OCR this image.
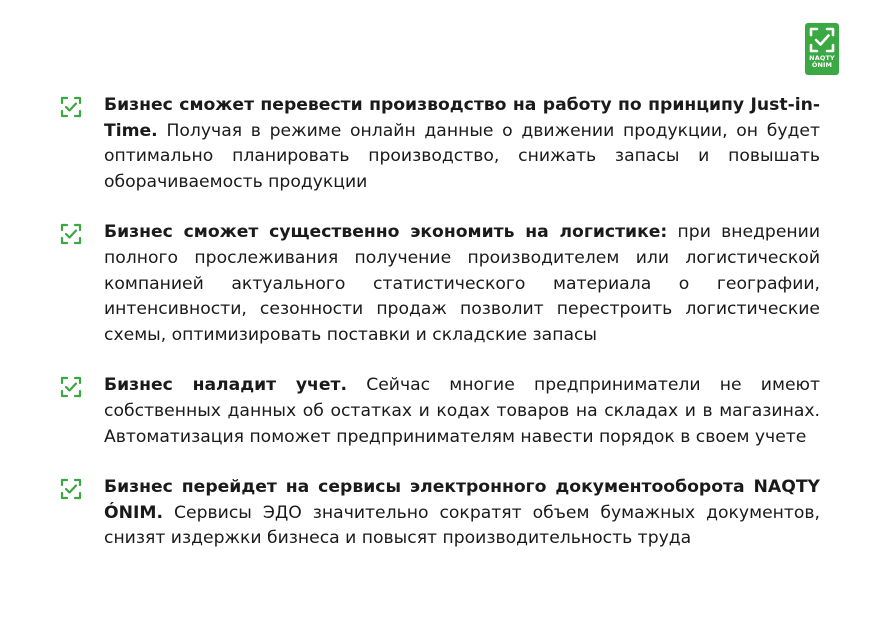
NAQTY
ÓNIM

Бизнес сможет перевести производство на работу по принципу Just-in-Time. Получая в режиме онлайн данные о движении продукции, он будет оптимально планировать производство, снижать запасы и повышать оборачиваемость продукции

Бизнес сможет существенно экономить на логистике: при внедрении полного прослеживания получение производителем или логистической компанией актуального статистического материала о географии, интенсивности, сезонности продаж позволит перестроить логистические схемы, оптимизировать поставки и складские запасы

Бизнес наладит учет. Сейчас многие предприниматели не имеют собственных данных об остатках и кодах товаров на складах и в магазинах. Автоматизация поможет предпринимателям навести порядок в своем учете

Бизнес перейдет на сервисы электронного документооборота NAQTY ÓNIM. Сервисы ЭДО значительно сократят объем бумажных документов, снизят издержки бизнеса и повысят производительность труда
